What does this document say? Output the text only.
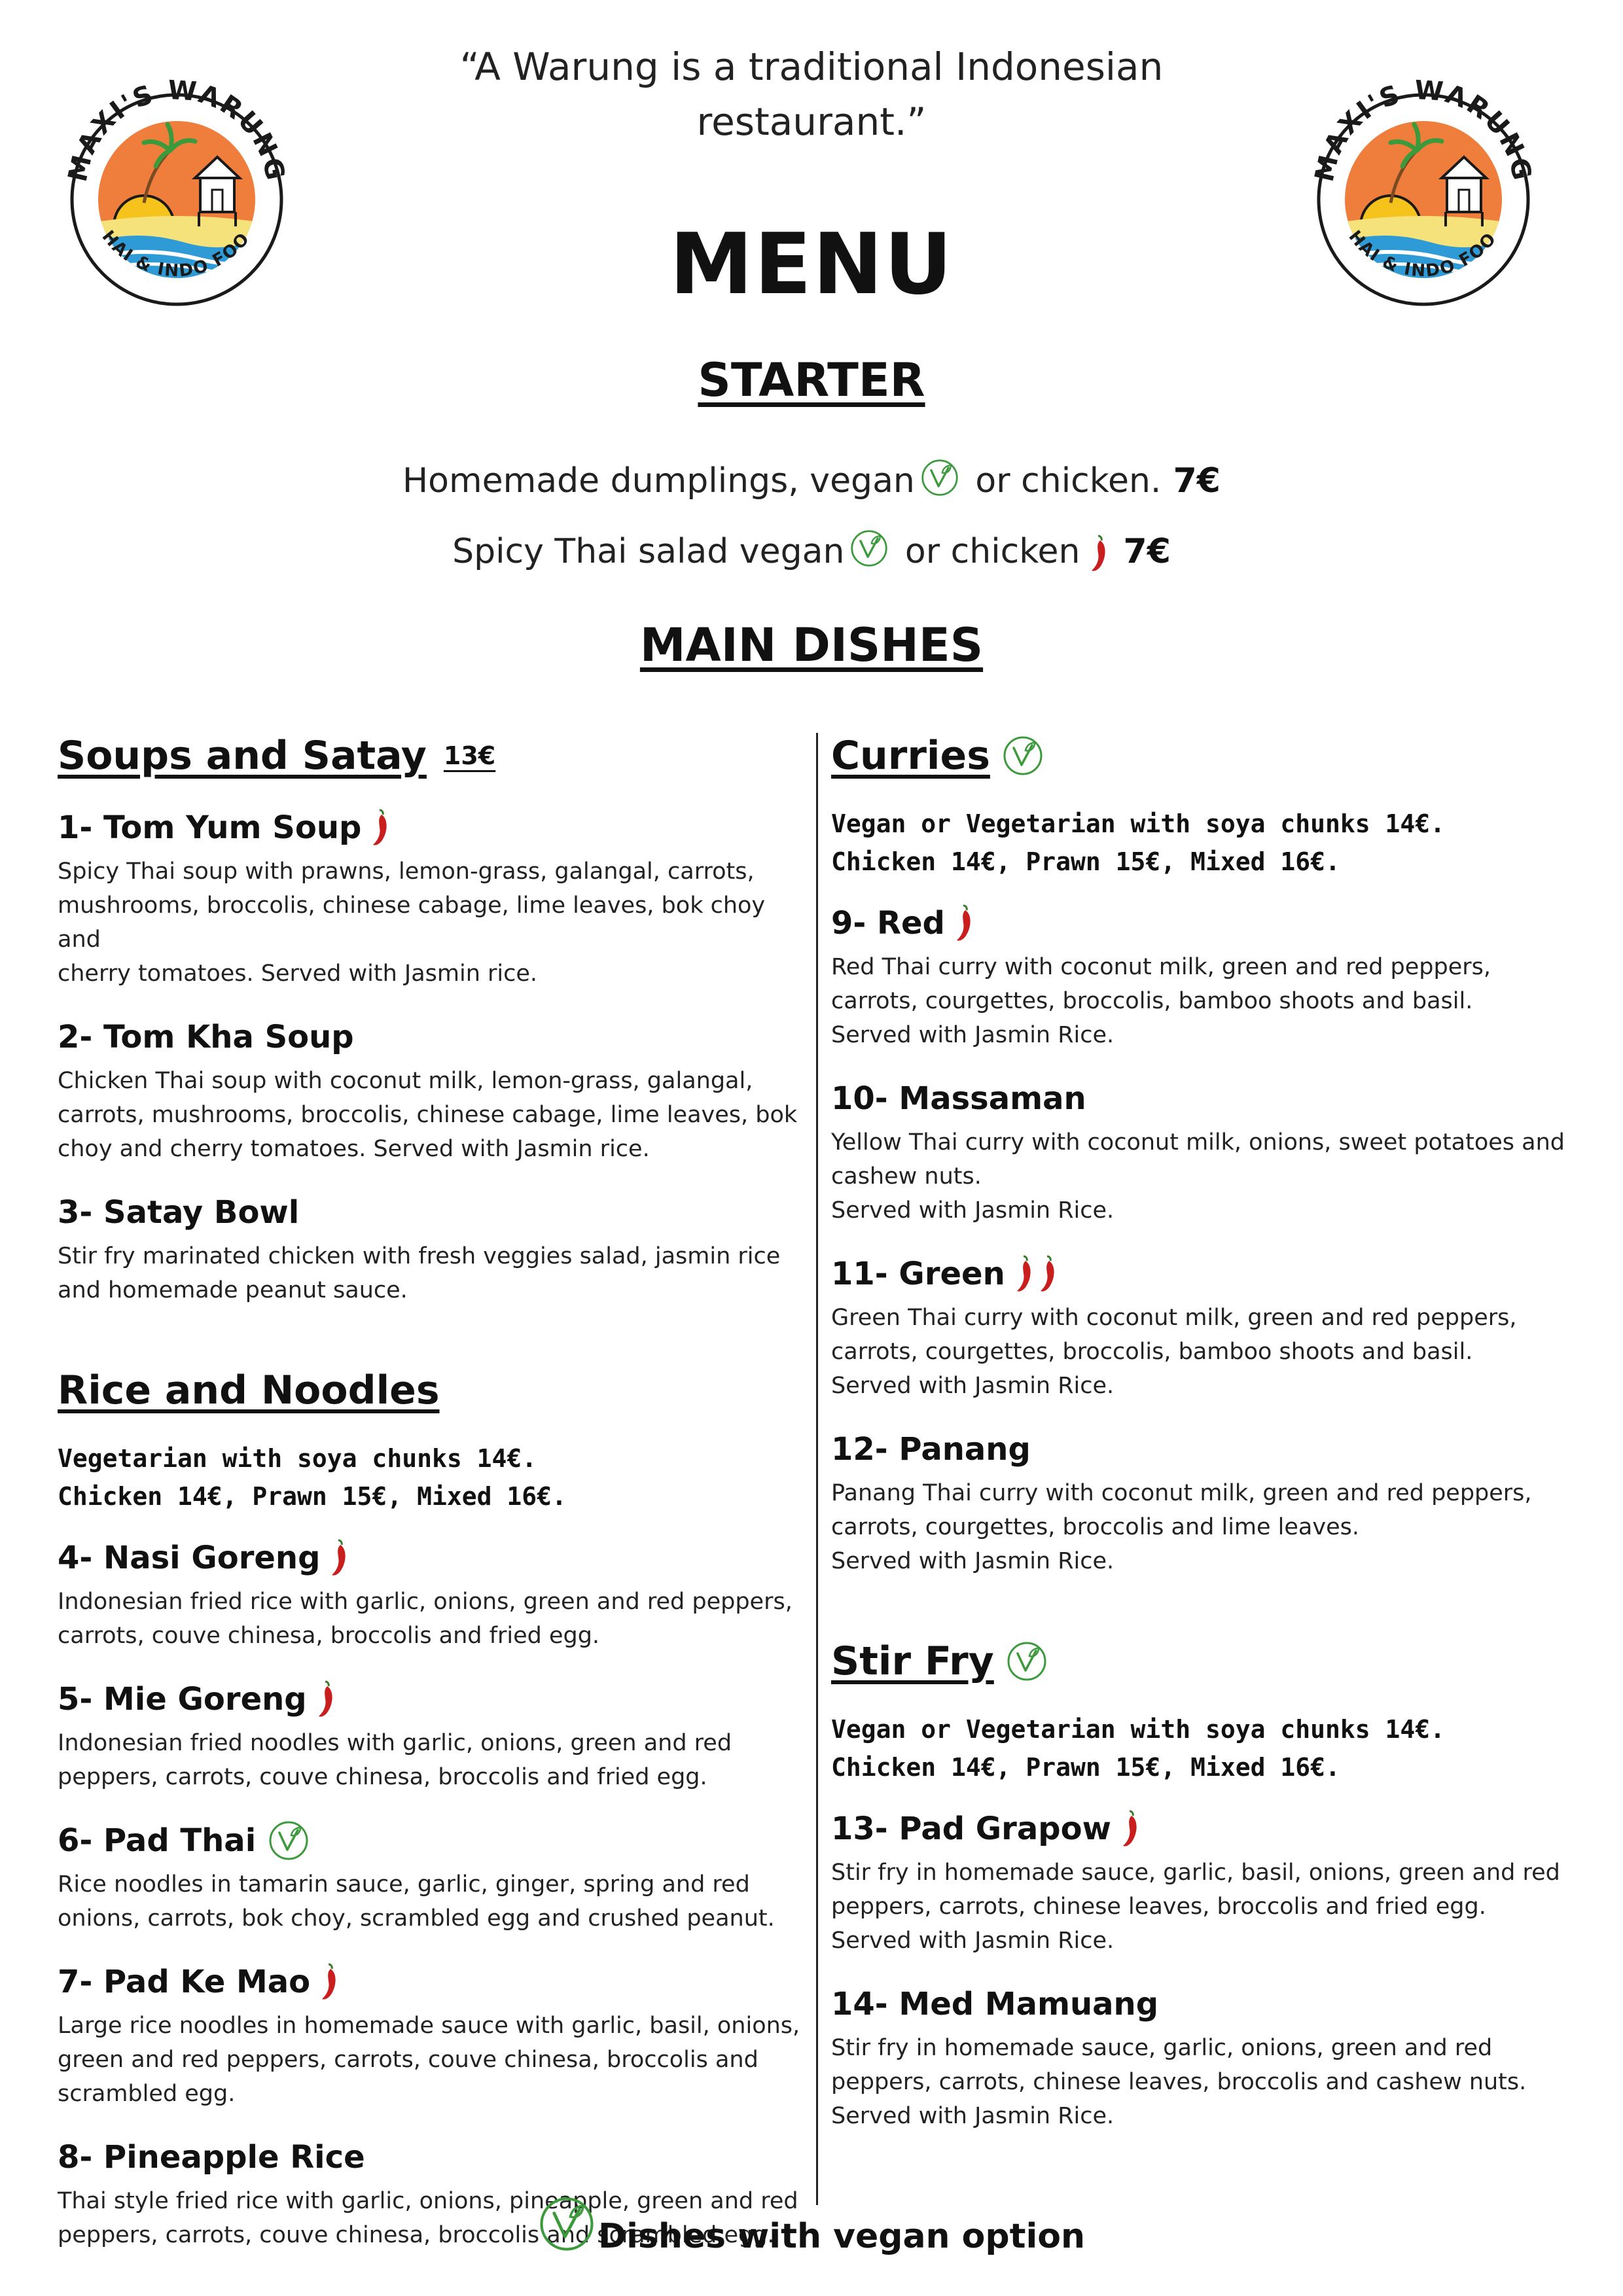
MAXI'S WARUNG
HAI & INDO FOO
MAXI'S WARUNG
HAI & INDO FOO
“A Warung is a traditional Indonesian restaurant.”
MENU
STARTER
Homemade dumplings, vegan or chicken. 7€
Spicy Thai salad vegan or chicken 7€
MAIN DISHES
Soups and Satay 13€
1- Tom Yum Soup
Spicy Thai soup with prawns, lemon-grass, galangal, carrots,
mushrooms, broccolis, chinese cabage, lime leaves, bok choy and
cherry tomatoes. Served with Jasmin rice.
2- Tom Kha Soup
Chicken Thai soup with coconut milk, lemon-grass, galangal,
carrots, mushrooms, broccolis, chinese cabage, lime leaves, bok
choy and cherry tomatoes. Served with Jasmin rice.
3- Satay Bowl
Stir fry marinated chicken with fresh veggies salad, jasmin rice
and homemade peanut sauce.
Rice and Noodles
Vegetarian with soya chunks 14€.
Chicken 14€, Prawn 15€, Mixed 16€.
4- Nasi Goreng
Indonesian fried rice with garlic, onions, green and red peppers,
carrots, couve chinesa, broccolis and fried egg.
5- Mie Goreng
Indonesian fried noodles with garlic, onions, green and red
peppers, carrots, couve chinesa, broccolis and fried egg.
6- Pad Thai
Rice noodles in tamarin sauce, garlic, ginger, spring and red
onions, carrots, bok choy, scrambled egg and crushed peanut.
7- Pad Ke Mao
Large rice noodles in homemade sauce with garlic, basil, onions,
green and red peppers, carrots, couve chinesa, broccolis and
scrambled egg.
8- Pineapple Rice
Thai style fried rice with garlic, onions, pineapple, green and red
peppers, carrots, couve chinesa, broccolis and scrambled egg.
Curries
Vegan or Vegetarian with soya chunks 14€.
Chicken 14€, Prawn 15€, Mixed 16€.
9- Red
Red Thai curry with coconut milk, green and red peppers,
carrots, courgettes, broccolis, bamboo shoots and basil.
Served with Jasmin Rice.
10- Massaman
Yellow Thai curry with coconut milk, onions, sweet potatoes and
cashew nuts.
Served with Jasmin Rice.
11- Green
Green Thai curry with coconut milk, green and red peppers,
carrots, courgettes, broccolis, bamboo shoots and basil.
Served with Jasmin Rice.
12- Panang
Panang Thai curry with coconut milk, green and red peppers,
carrots, courgettes, broccolis and lime leaves.
Served with Jasmin Rice.
Stir Fry
Vegan or Vegetarian with soya chunks 14€.
Chicken 14€, Prawn 15€, Mixed 16€.
13- Pad Grapow
Stir fry in homemade sauce, garlic, basil, onions, green and red
peppers, carrots, chinese leaves, broccolis and fried egg.
Served with Jasmin Rice.
14- Med Mamuang
Stir fry in homemade sauce, garlic, onions, green and red
peppers, carrots, chinese leaves, broccolis and cashew nuts.
Served with Jasmin Rice.
Dishes with vegan option
